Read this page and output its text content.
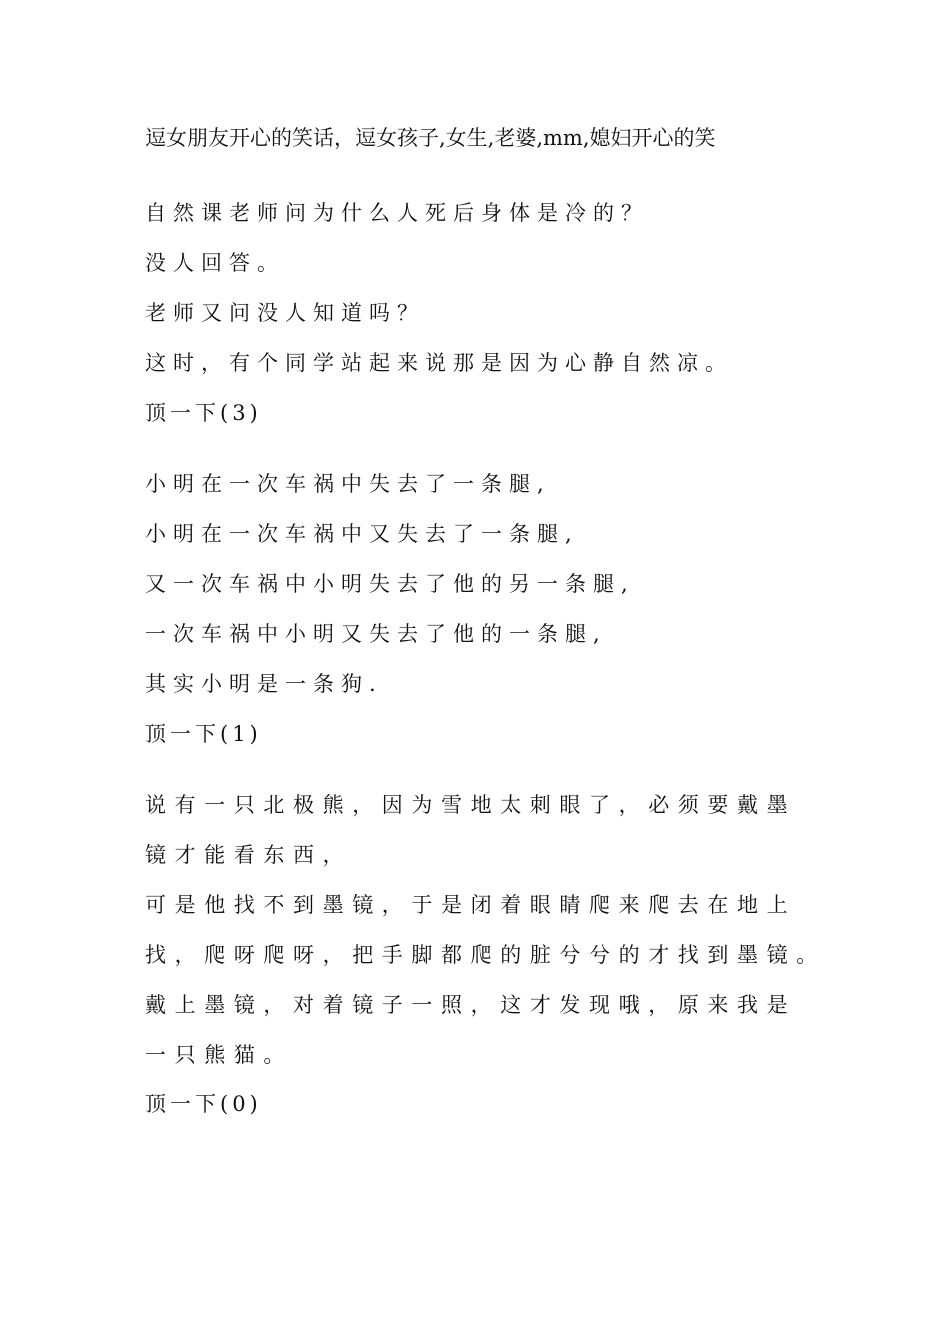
逗女朋友开心的笑话，逗女孩子,女生,老婆,mm,媳妇开心的笑
自然课老师问为什么人死后身体是冷的？
没人回答。
老师又问没人知道吗？
这时，有个同学站起来说那是因为心静自然凉。
顶一下(3)
小明在一次车祸中失去了一条腿,
小明在一次车祸中又失去了一条腿,
又一次车祸中小明失去了他的另一条腿,
一次车祸中小明又失去了他的一条腿,
其实小明是一条狗.
顶一下(1)
说有一只北极熊，因为雪地太刺眼了，必须要戴墨
镜才能看东西，
可是他找不到墨镜，于是闭着眼睛爬来爬去在地上
找，爬呀爬呀，把手脚都爬的脏兮兮的才找到墨镜。
戴上墨镜，对着镜子一照，这才发现哦，原来我是
一只熊猫。
顶一下(0)
